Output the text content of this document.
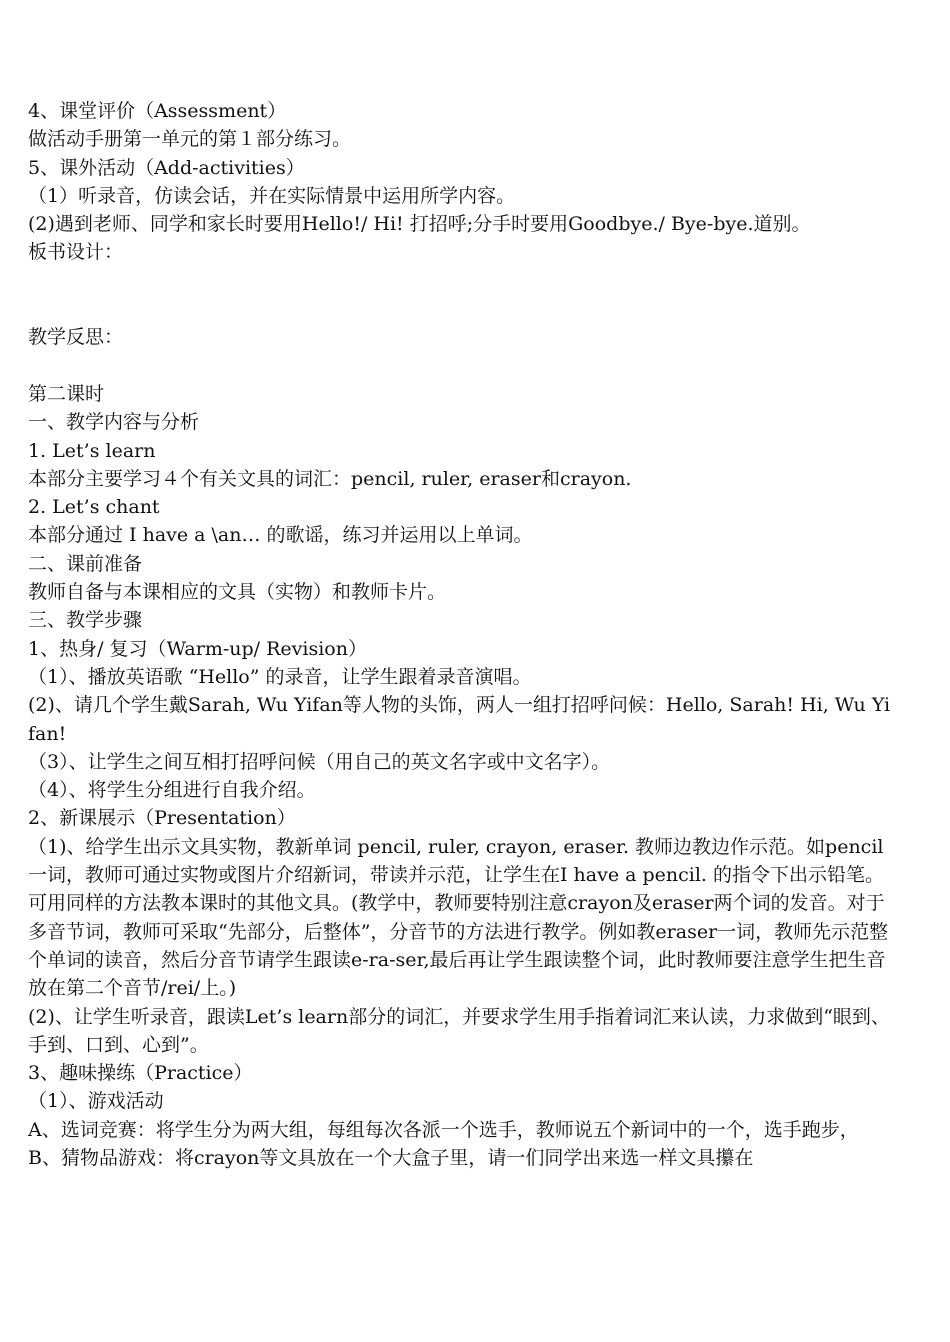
4、课堂评价（Assessment）
做活动手册第一单元的第１部分练习。
5、课外活动（Add-activities）
（1）听录音，仿读会话，并在实际情景中运用所学内容。
(2)遇到老师、同学和家长时要用Hello!/ Hi! 打招呼;分手时要用Goodbye./ Bye-bye.道别。
板书设计：
教学反思：
第二课时
一、教学内容与分析
1. Let’s learn
本部分主要学习４个有关文具的词汇：pencil, ruler, eraser和crayon.
2. Let’s chant
本部分通过 I have a \an… 的歌谣，练习并运用以上单词。
二、课前准备
教师自备与本课相应的文具（实物）和教师卡片。
三、教学步骤
1、热身/ 复习（Warm-up/ Revision）
（1）、播放英语歌 “Hello” 的录音，让学生跟着录音演唱。
(2)、请几个学生戴Sarah, Wu Yifan等人物的头饰，两人一组打招呼问候：Hello, Sarah! Hi, Wu Yifan!
（3）、让学生之间互相打招呼问候（用自己的英文名字或中文名字）。
（4）、将学生分组进行自我介绍。
2、新课展示（Presentation）
（1)、给学生出示文具实物，教新单词 pencil, ruler, crayon, eraser. 教师边教边作示范。如pencil一词，教师可通过实物或图片介绍新词，带读并示范，让学生在I have a pencil. 的指令下出示铅笔。可用同样的方法教本课时的其他文具。(教学中，教师要特别注意crayon及eraser两个词的发音。对于多音节词，教师可采取“先部分，后整体”，分音节的方法进行教学。例如教eraser一词，教师先示范整个单词的读音，然后分音节请学生跟读e-ra-ser,最后再让学生跟读整个词，此时教师要注意学生把生音放在第二个音节/rei/上。)
(2)、让学生听录音，跟读Let’s learn部分的词汇，并要求学生用手指着词汇来认读，力求做到“眼到、手到、口到、心到”。
3、趣味操练（Practice）
（1）、游戏活动
A、选词竞赛：将学生分为两大组，每组每次各派一个选手，教师说五个新词中的一个，选手跑步， B、猜物品游戏：将crayon等文具放在一个大盒子里，请一们同学出来选一样文具攥在
